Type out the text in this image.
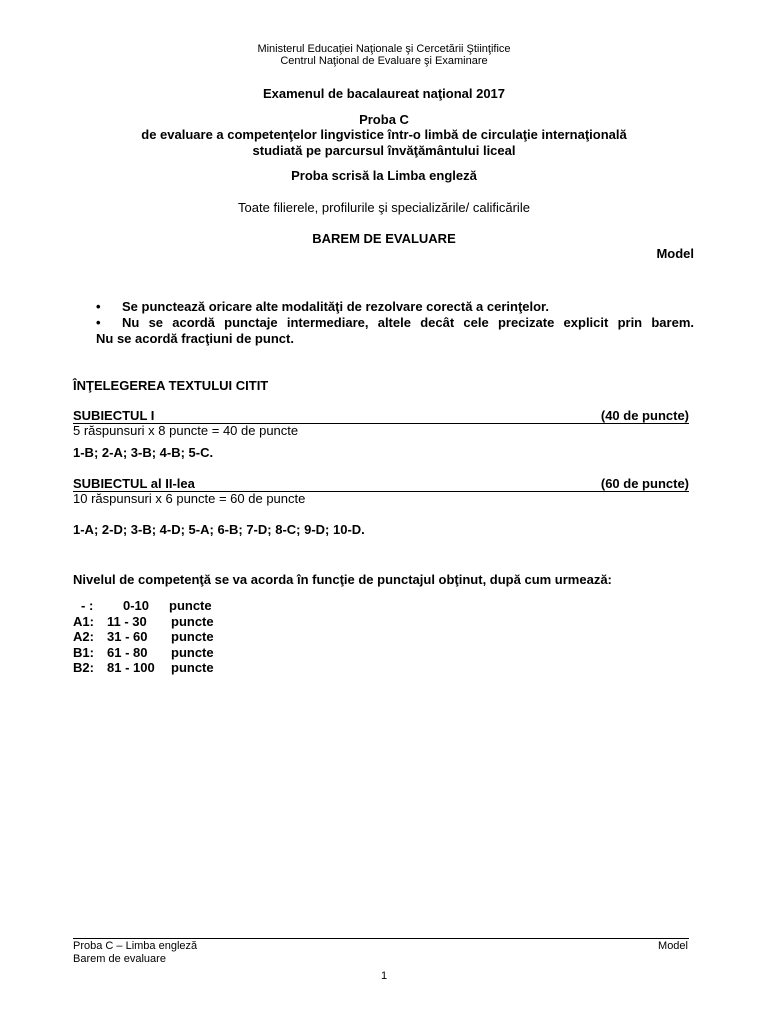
Ministerul Educaţiei Naţionale şi Cercetării Ştiinţifice
Centrul Naţional de Evaluare şi Examinare
Examenul de bacalaureat naţional 2017
Proba C
de evaluare a competenţelor lingvistice într-o limbă de circulaţie internaţională
studiată pe parcursul învăţământului liceal
Proba scrisă la Limba engleză
Toate filierele, profilurile şi specializările/ calificările
BAREM DE EVALUARE
Model
•	Se punctează oricare alte modalităţi de rezolvare corectă a cerinţelor.
•	Nu se acordă punctaje intermediare, altele decât cele precizate explicit prin barem.
Nu se acordă fracţiuni de punct.
ÎNŢELEGEREA TEXTULUI CITIT
SUBIECTUL I	(40 de puncte)
5 răspunsuri x 8 puncte = 40 de puncte
1-B; 2-A; 3-B; 4-B; 5-C.
SUBIECTUL al II-lea	(60 de puncte)
10 răspunsuri x 6 puncte = 60 de puncte
1-A; 2-D; 3-B; 4-D; 5-A; 6-B; 7-D; 8-C; 9-D; 10-D.
Nivelul de competenţă se va acorda în funcţie de punctajul obţinut, după cum urmează:
- :	0-10	puncte
A1:	11 - 30	puncte
A2:	31 - 60	puncte
B1:	61 - 80	puncte
B2:	81 - 100	puncte
Proba C – Limba engleză	Model
Barem de evaluare
1
